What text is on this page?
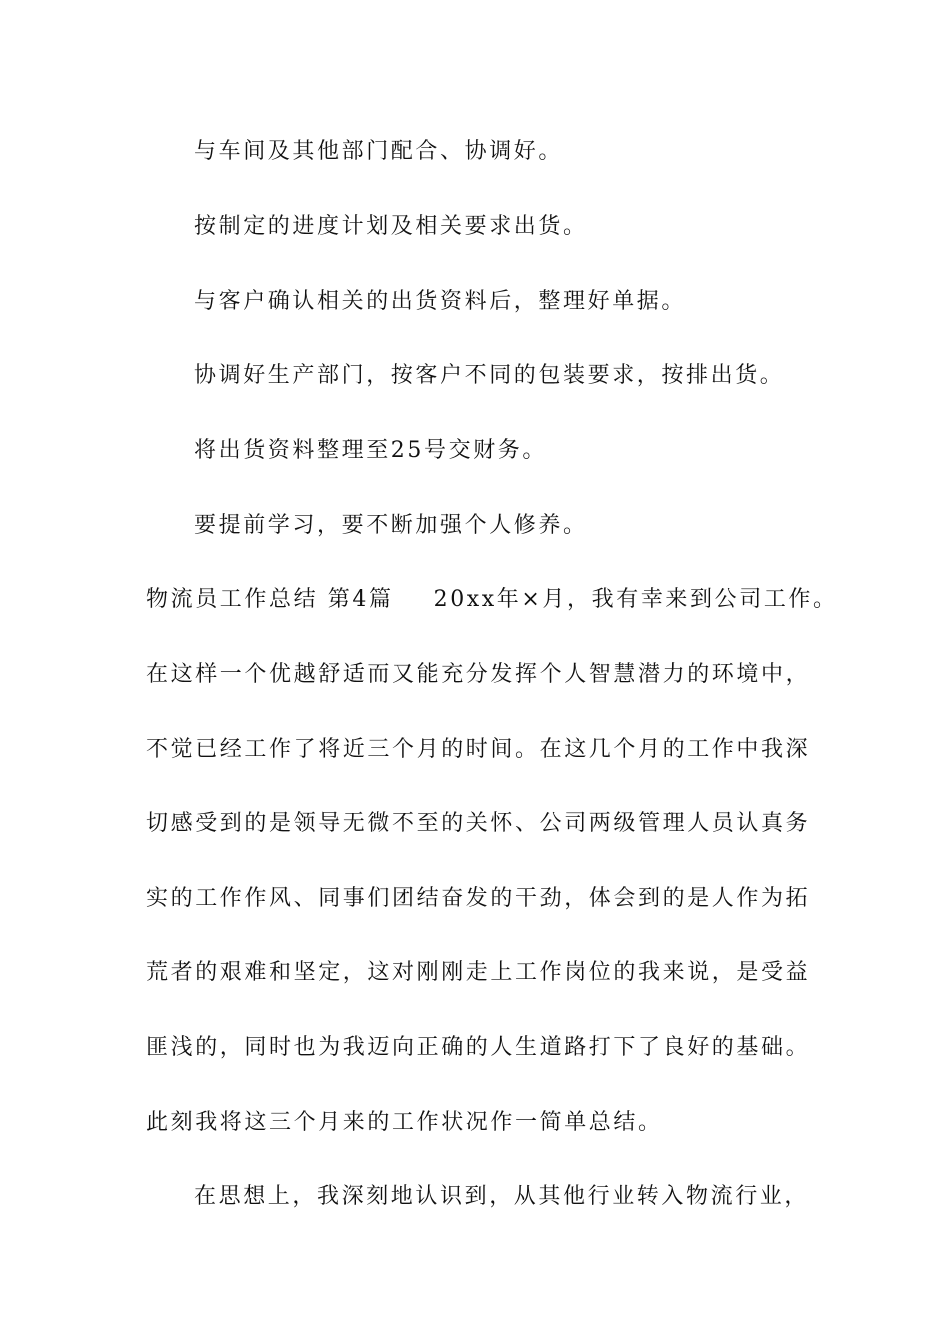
与车间及其他部门配合、协调好。
按制定的进度计划及相关要求出货。
与客户确认相关的出货资料后，整理好单据。
协调好生产部门，按客户不同的包装要求，按排出货。
将出货资料整理至25号交财务。
要提前学习，要不断加强个人修养。
物流员工作总结 第4篇 20xx年×月，我有幸来到公司工作。
在这样一个优越舒适而又能充分发挥个人智慧潜力的环境中，
不觉已经工作了将近三个月的时间。在这几个月的工作中我深
切感受到的是领导无微不至的关怀、公司两级管理人员认真务
实的工作作风、同事们团结奋发的干劲，体会到的是人作为拓
荒者的艰难和坚定，这对刚刚走上工作岗位的我来说，是受益
匪浅的，同时也为我迈向正确的人生道路打下了良好的基础。
此刻我将这三个月来的工作状况作一简单总结。
在思想上，我深刻地认识到，从其他行业转入物流行业，
